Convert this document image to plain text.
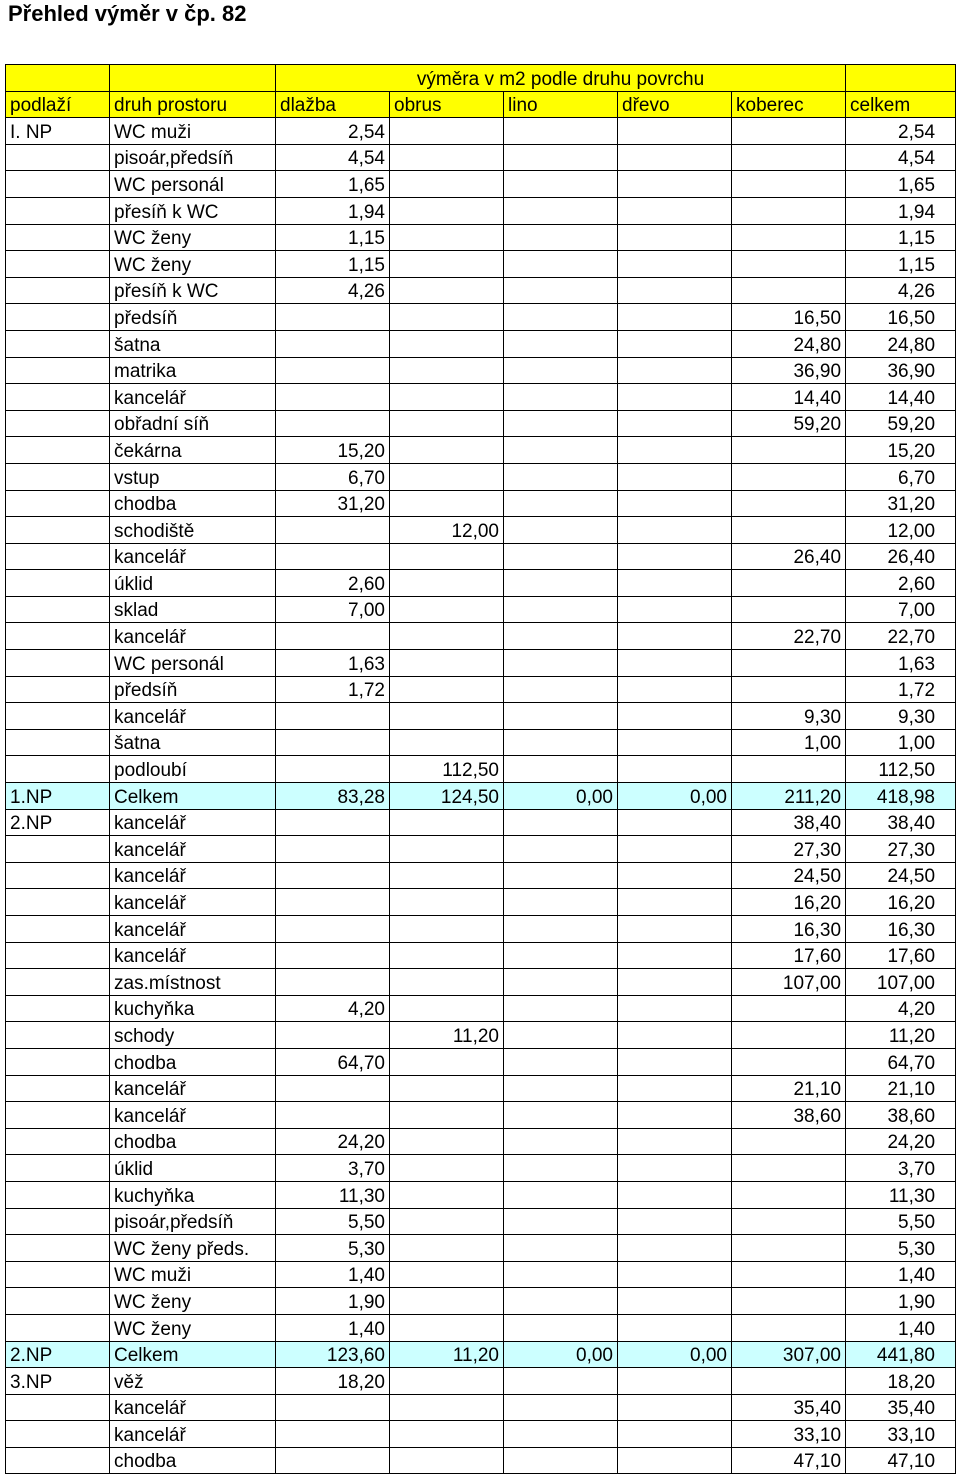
Přehled výměr v čp. 82
		výměra v m2 podle druhu povrchu					
podlaží	druh prostoru	dlažba	obrus	lino	dřevo	koberec	celkem
I. NP	WC muži	2,54					2,54
	pisoár,předsíň	4,54					4,54
	WC personál	1,65					1,65
	přesíň k WC	1,94					1,94
	WC ženy	1,15					1,15
	WC ženy	1,15					1,15
	přesíň k WC	4,26					4,26
	předsíň					16,50	16,50
	šatna					24,80	24,80
	matrika					36,90	36,90
	kancelář					14,40	14,40
	obřadní síň					59,20	59,20
	čekárna	15,20					15,20
	vstup	6,70					6,70
	chodba	31,20					31,20
	schodiště		12,00				12,00
	kancelář					26,40	26,40
	úklid	2,60					2,60
	sklad	7,00					7,00
	kancelář					22,70	22,70
	WC personál	1,63					1,63
	předsíň	1,72					1,72
	kancelář					9,30	9,30
	šatna					1,00	1,00
	podloubí		112,50				112,50
1.NP	Celkem	83,28	124,50	0,00	0,00	211,20	418,98
2.NP	kancelář					38,40	38,40
	kancelář					27,30	27,30
	kancelář					24,50	24,50
	kancelář					16,20	16,20
	kancelář					16,30	16,30
	kancelář					17,60	17,60
	zas.místnost					107,00	107,00
	kuchyňka	4,20					4,20
	schody		11,20				11,20
	chodba	64,70					64,70
	kancelář					21,10	21,10
	kancelář					38,60	38,60
	chodba	24,20					24,20
	úklid	3,70					3,70
	kuchyňka	11,30					11,30
	pisoár,předsíň	5,50					5,50
	WC ženy předs.	5,30					5,30
	WC muži	1,40					1,40
	WC ženy	1,90					1,90
	WC ženy	1,40					1,40
2.NP	Celkem	123,60	11,20	0,00	0,00	307,00	441,80
3.NP	věž	18,20					18,20
	kancelář					35,40	35,40
	kancelář					33,10	33,10
	chodba					47,10	47,10
